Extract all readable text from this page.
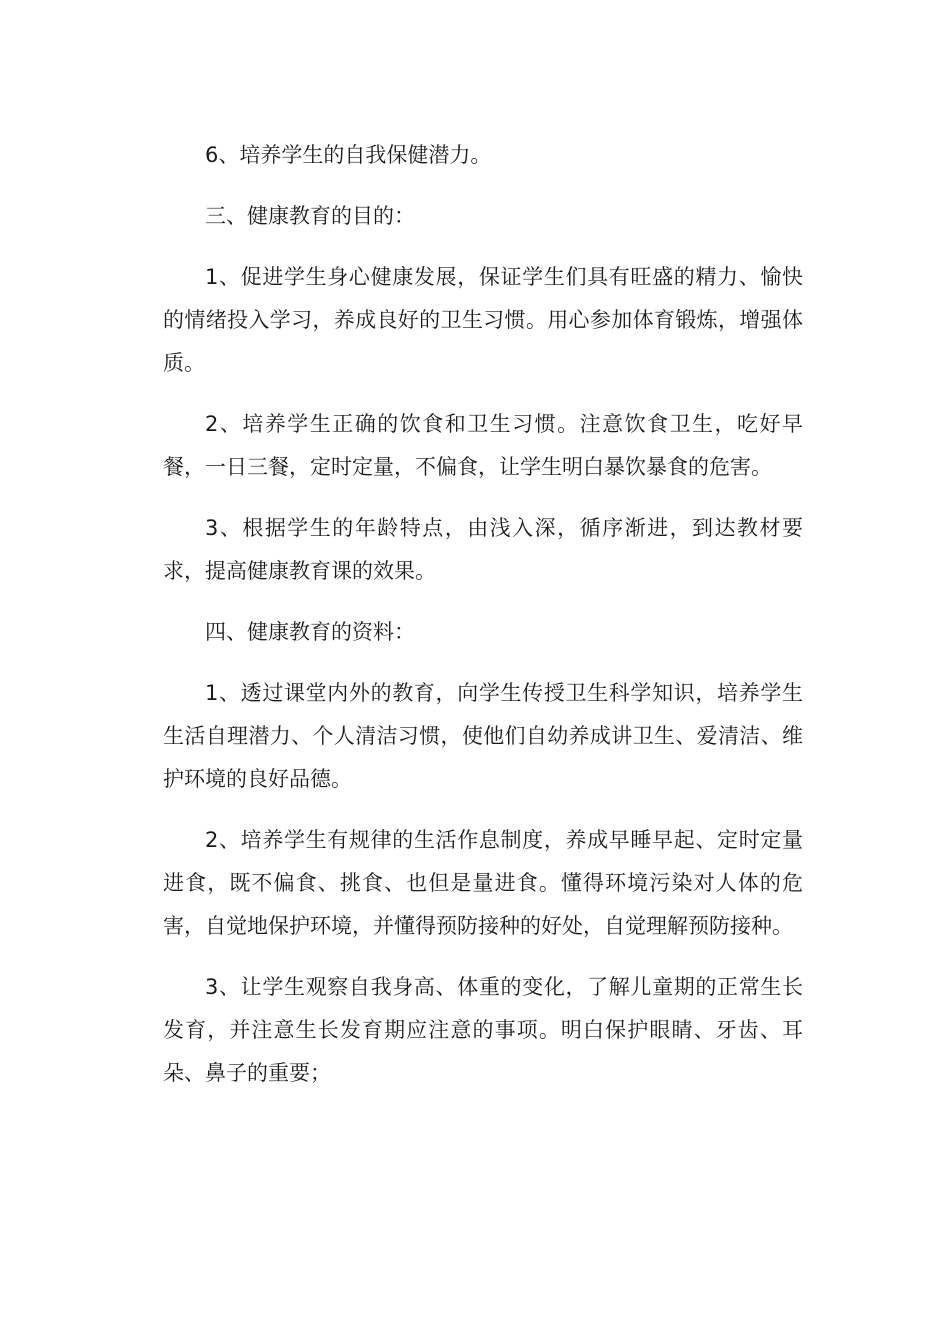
6、培养学生的自我保健潜力。

三、健康教育的目的：

1、促进学生身心健康发展，保证学生们具有旺盛的精力、愉快的情绪投入学习，养成良好的卫生习惯。用心参加体育锻炼，增强体质。

2、培养学生正确的饮食和卫生习惯。注意饮食卫生，吃好早餐，一日三餐，定时定量，不偏食，让学生明白暴饮暴食的危害。

3、根据学生的年龄特点，由浅入深，循序渐进，到达教材要求，提高健康教育课的效果。

四、健康教育的资料：

1、透过课堂内外的教育，向学生传授卫生科学知识，培养学生生活自理潜力、个人清洁习惯，使他们自幼养成讲卫生、爱清洁、维护环境的良好品德。

2、培养学生有规律的生活作息制度，养成早睡早起、定时定量进食，既不偏食、挑食、也但是量进食。懂得环境污染对人体的危害，自觉地保护环境，并懂得预防接种的好处，自觉理解预防接种。

3、让学生观察自我身高、体重的变化，了解儿童期的正常生长发育，并注意生长发育期应注意的事项。明白保护眼睛、牙齿、耳朵、鼻子的重要；
